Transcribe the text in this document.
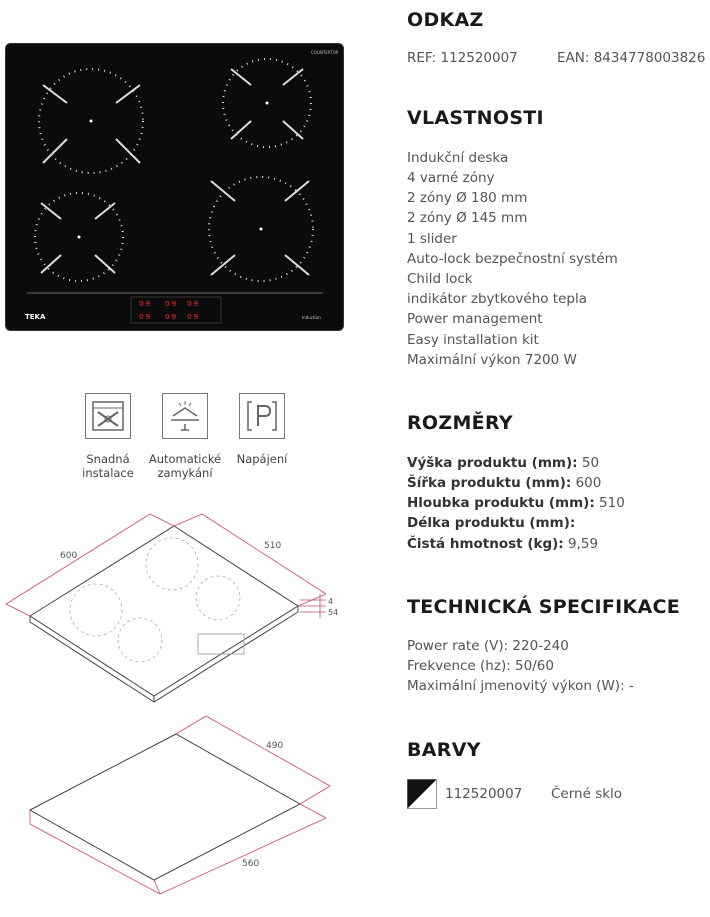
0 9 0 9
0 9 0 9
0 9
0 9
TEKA
COUNTERTOP
Induction
Snadná
instalace
Automatické
zamykání
Napájení
600
510
4
54
490
560
ODKAZ
REF: 112520007	EAN: 8434778003826
VLASTNOSTI
Indukční deska
4 varné zóny
2 zóny Ø 180 mm
2 zóny Ø 145 mm
1 slider
Auto-lock bezpečnostní systém
Child lock
indikátor zbytkového tepla
Power management
Easy installation kit
Maximální výkon 7200 W
ROZMĚRY
Výška produktu (mm): 50
Šířka produktu (mm): 600
Hloubka produktu (mm): 510
Délka produktu (mm):
Čistá hmotnost (kg): 9,59
TECHNICKÁ SPECIFIKACE
Power rate (V): 220-240
Frekvence (hz): 50/60
Maximální jmenovitý výkon (W): -
BARVY
112520007 Černé sklo
